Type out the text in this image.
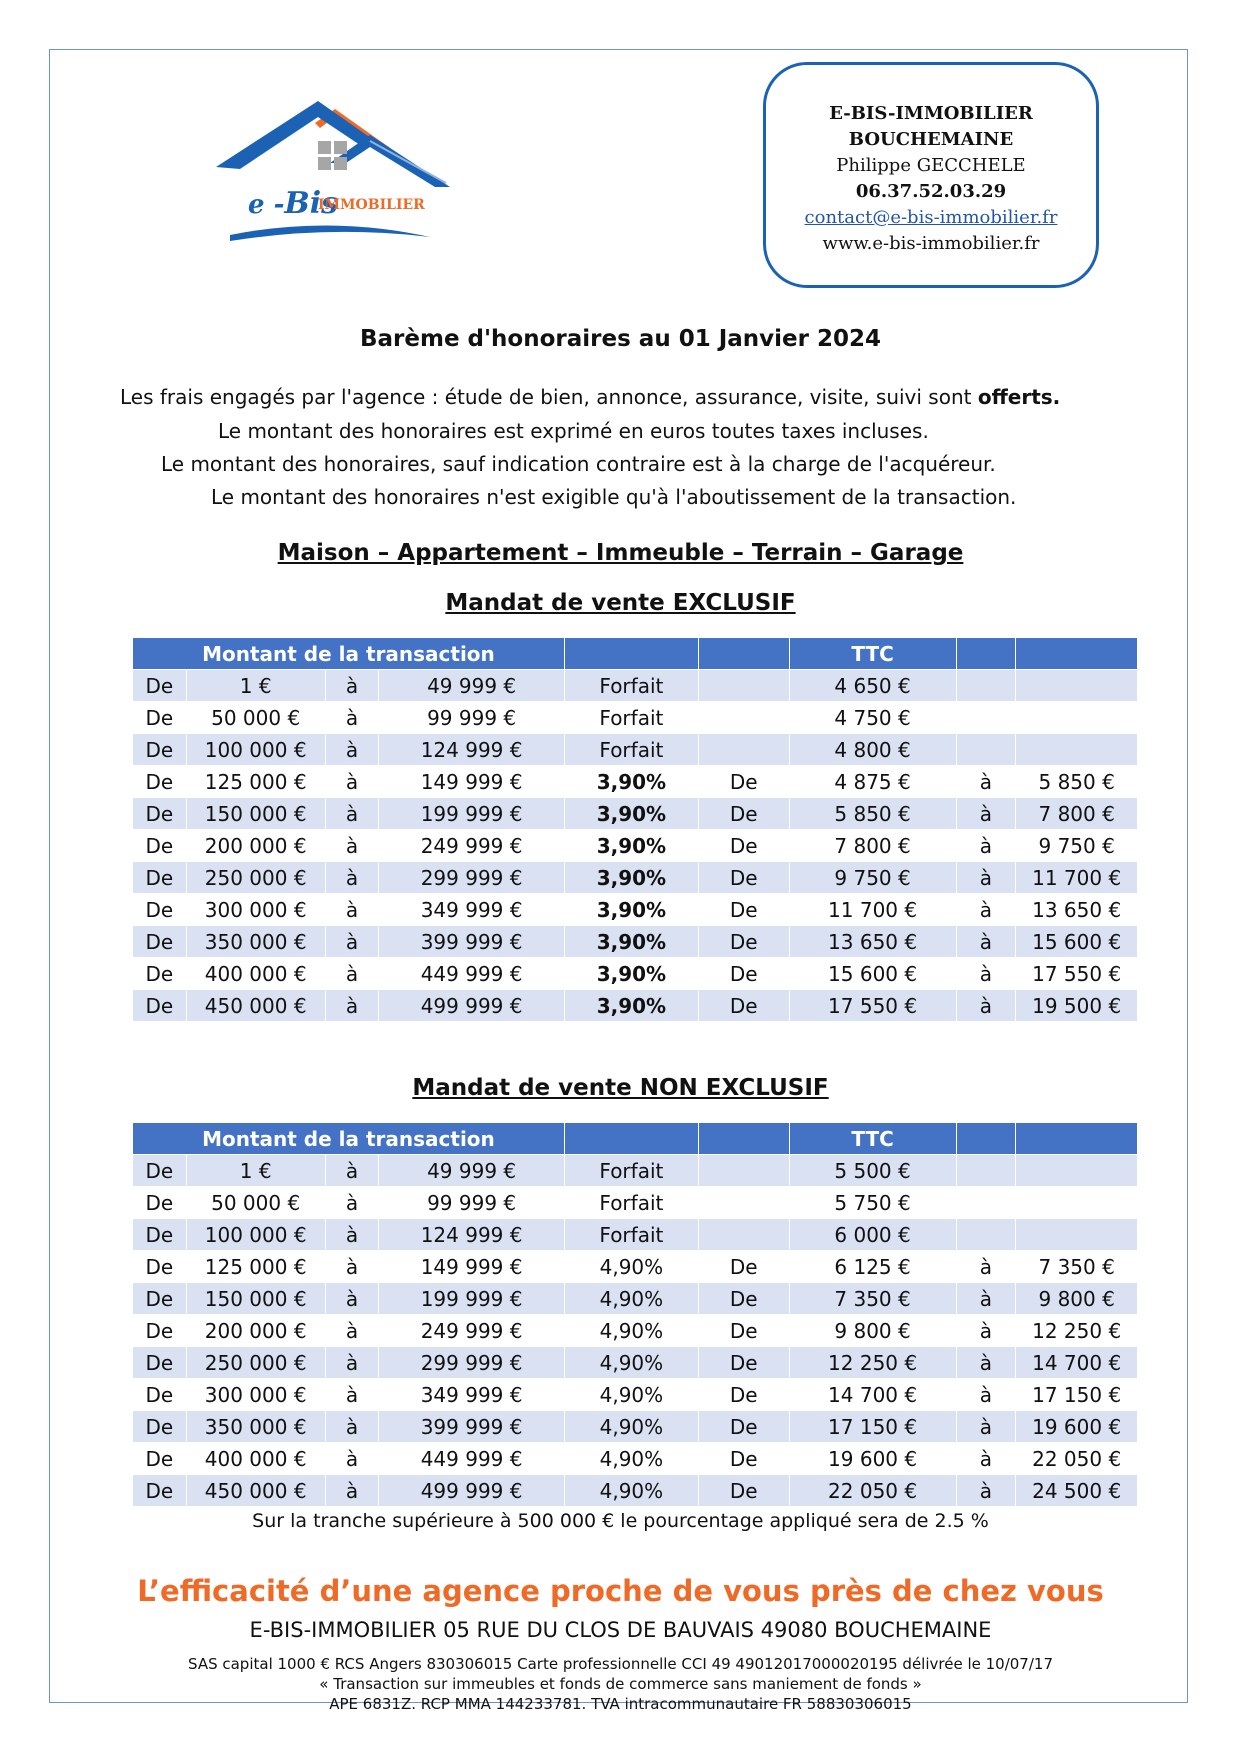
e -Bis
IMMOBILIER
E-BIS-IMMOBILIER
BOUCHEMAINE
Philippe GECCHELE
06.37.52.03.29
contact@e-bis-immobilier.fr
www.e-bis-immobilier.fr
Barème d'honoraires au 01 Janvier 2024
Les frais engagés par l'agence : étude de bien, annonce, assurance, visite, suivi sont offerts.
Le montant des honoraires est exprimé en euros toutes taxes incluses.
Le montant des honoraires, sauf indication contraire est à la charge de l'acquéreur.
Le montant des honoraires n'est exigible qu'à l'aboutissement de la transaction.
Maison – Appartement – Immeuble – Terrain – Garage
Mandat de vente EXCLUSIF
Montant de la transaction						TTC		
De	1 €	à	49 999 €	Forfait		4 650 €		
De	50 000 €	à	99 999 €	Forfait		4 750 €		
De	100 000 €	à	124 999 €	Forfait		4 800 €		
De	125 000 €	à	149 999 €	3,90%	De	4 875 €	à	5 850 €
De	150 000 €	à	199 999 €	3,90%	De	5 850 €	à	7 800 €
De	200 000 €	à	249 999 €	3,90%	De	7 800 €	à	9 750 €
De	250 000 €	à	299 999 €	3,90%	De	9 750 €	à	11 700 €
De	300 000 €	à	349 999 €	3,90%	De	11 700 €	à	13 650 €
De	350 000 €	à	399 999 €	3,90%	De	13 650 €	à	15 600 €
De	400 000 €	à	449 999 €	3,90%	De	15 600 €	à	17 550 €
De	450 000 €	à	499 999 €	3,90%	De	17 550 €	à	19 500 €
Mandat de vente NON EXCLUSIF
Montant de la transaction						TTC		
De	1 €	à	49 999 €	Forfait		5 500 €		
De	50 000 €	à	99 999 €	Forfait		5 750 €		
De	100 000 €	à	124 999 €	Forfait		6 000 €		
De	125 000 €	à	149 999 €	4,90%	De	6 125 €	à	7 350 €
De	150 000 €	à	199 999 €	4,90%	De	7 350 €	à	9 800 €
De	200 000 €	à	249 999 €	4,90%	De	9 800 €	à	12 250 €
De	250 000 €	à	299 999 €	4,90%	De	12 250 €	à	14 700 €
De	300 000 €	à	349 999 €	4,90%	De	14 700 €	à	17 150 €
De	350 000 €	à	399 999 €	4,90%	De	17 150 €	à	19 600 €
De	400 000 €	à	449 999 €	4,90%	De	19 600 €	à	22 050 €
De	450 000 €	à	499 999 €	4,90%	De	22 050 €	à	24 500 €
Sur la tranche supérieure à 500 000 € le pourcentage appliqué sera de 2.5 %
L’efficacité d’une agence proche de vous près de chez vous
E-BIS-IMMOBILIER 05 RUE DU CLOS DE BAUVAIS 49080 BOUCHEMAINE
SAS capital 1000 € RCS Angers 830306015 Carte professionnelle CCI 49 49012017000020195 délivrée le 10/07/17
« Transaction sur immeubles et fonds de commerce sans maniement de fonds »
APE 6831Z. RCP MMA 144233781. TVA intracommunautaire FR 58830306015
